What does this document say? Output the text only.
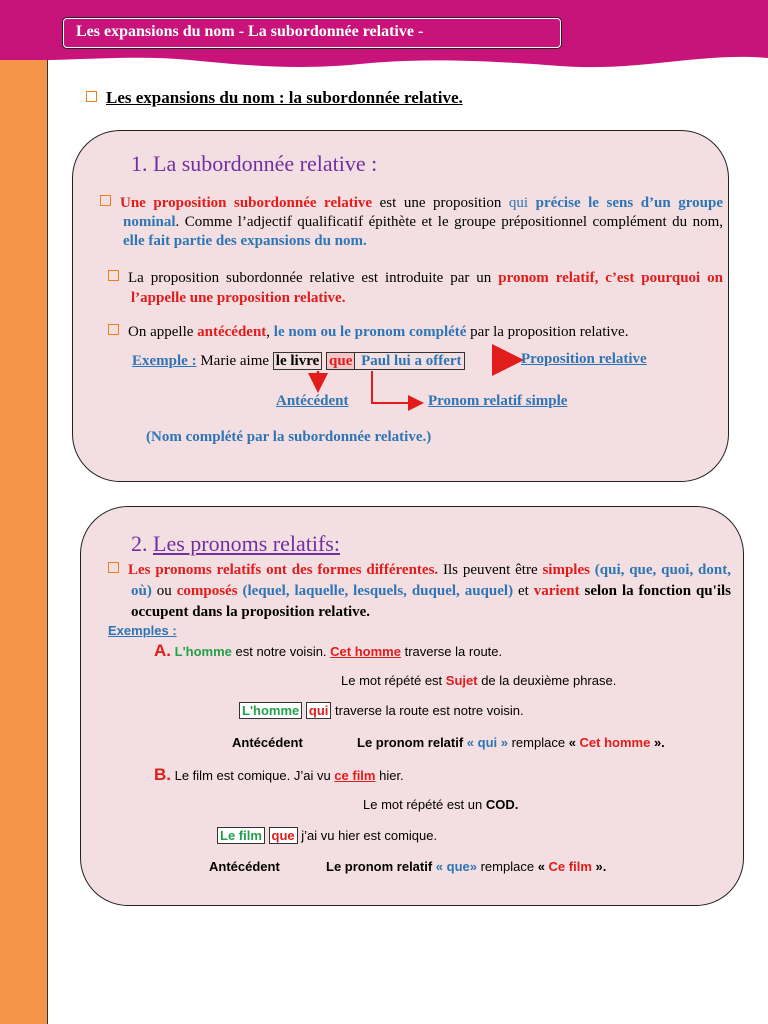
Les expansions du nom - La subordonnée relative -
Les expansions du nom : la subordonnée relative.
1. La subordonnée relative :
Une proposition subordonnée relative est une proposition qui précise le sens d’un groupe nominal. Comme l’adjectif qualificatif épithète et le groupe prépositionnel complément du nom, elle fait partie des expansions du nom.
La proposition subordonnée relative est introduite par un pronom relatif, c’est pourquoi on l’appelle une proposition relative.
On appelle antécédent, le nom ou le pronom complété par la proposition relative.
Exemple : Marie aime le livre que Paul lui a offert	Proposition relative
Antécédent	Pronom relatif simple
(Nom complété par la subordonnée relative.)
2. Les pronoms relatifs:
Les pronoms relatifs ont des formes différentes. Ils peuvent être simples (qui, que, quoi, dont, où) ou composés (lequel, laquelle, lesquels, duquel, auquel) et varient selon la fonction qu'ils occupent dans la proposition relative.
Exemples :
A. L'homme est notre voisin. Cet homme traverse la route.
Le mot répété est Sujet de la deuxième phrase.
L'homme qui traverse la route est notre voisin.
Antécédent	Le pronom relatif « qui » remplace « Cet homme ».
B. Le film est comique. J’ai vu ce film hier.
Le mot répété est un COD.
Le film que j’ai vu hier est comique.
Antécédent	Le pronom relatif « que» remplace « Ce film ».
